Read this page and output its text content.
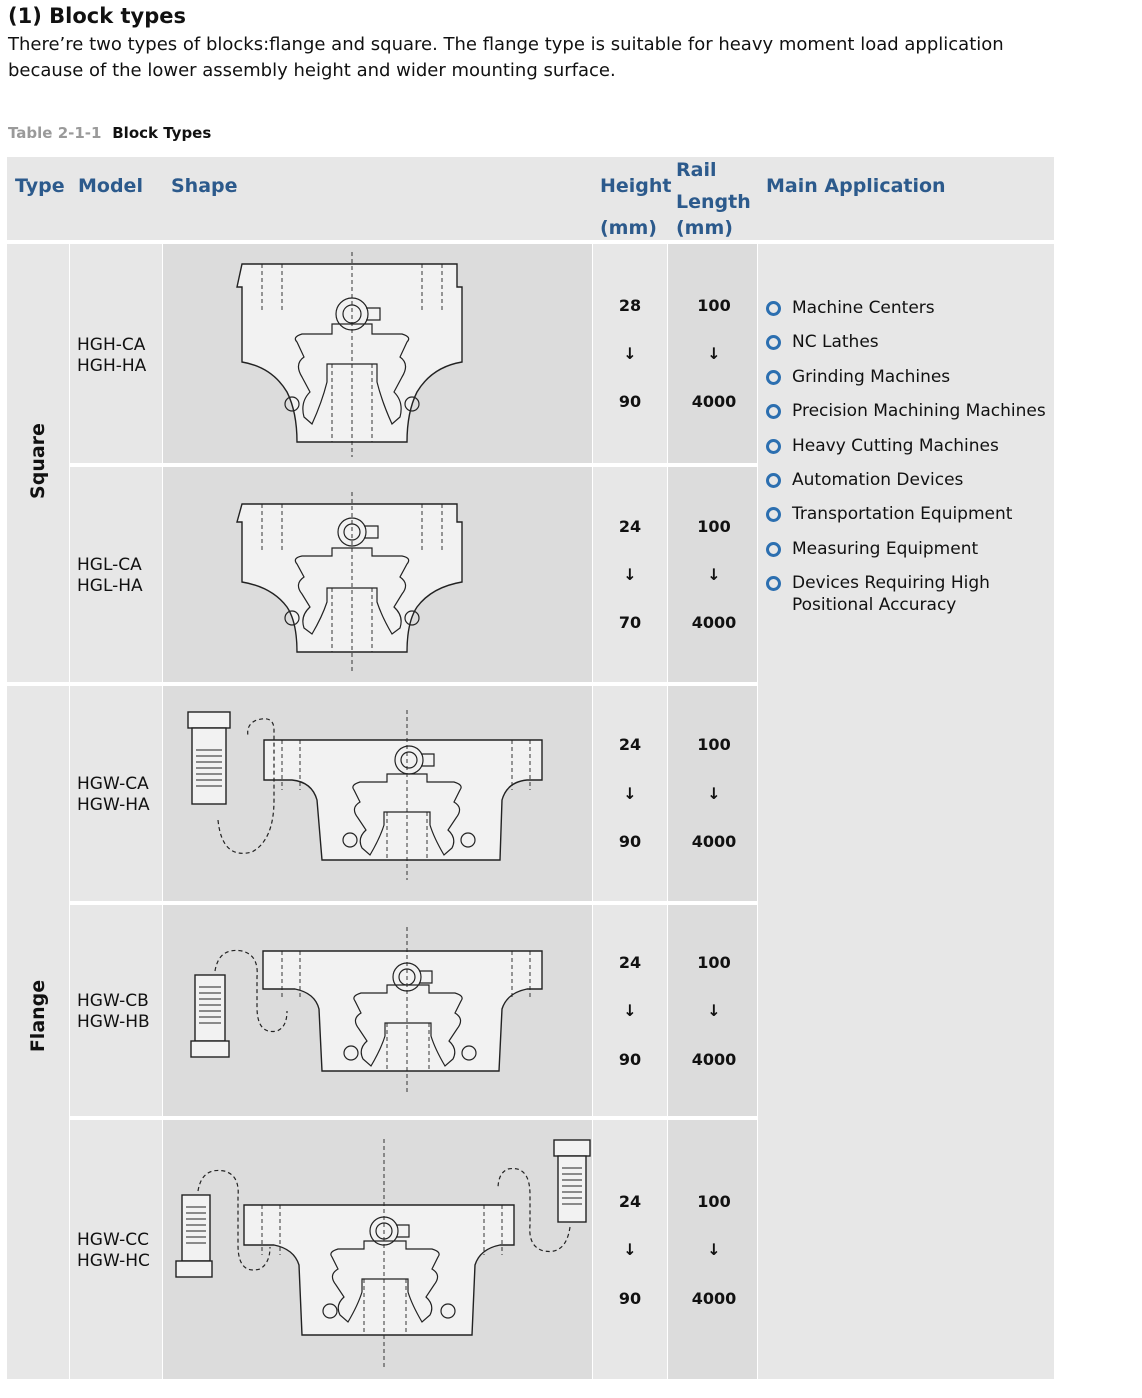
(1) Block types
There’re two types of blocks:flange and square. The flange type is suitable for heavy moment load application because of the lower assembly height and wider mounting surface.
Table 2-1-1 Block Types
Type Model Shape	Height
(mm)
Rail
Length
(mm)
Main Application
Square
Flange
HGH-CA
HGH-HA
HGL-CA
HGL-HA
HGW-CA
HGW-HA
HGW-CB
HGW-HB
HGW-CC
HGW-HC
28
↓
90
24
↓
70
24
↓
90
24
↓
90
24
↓
90
100
↓
4000
100
↓
4000
100
↓
4000
100
↓
4000
100
↓
4000
Machine Centers
NC Lathes
Grinding Machines
Precision Machining Machines
Heavy Cutting Machines
Automation Devices
Transportation Equipment
Measuring Equipment
Devices Requiring High Positional Accuracy
